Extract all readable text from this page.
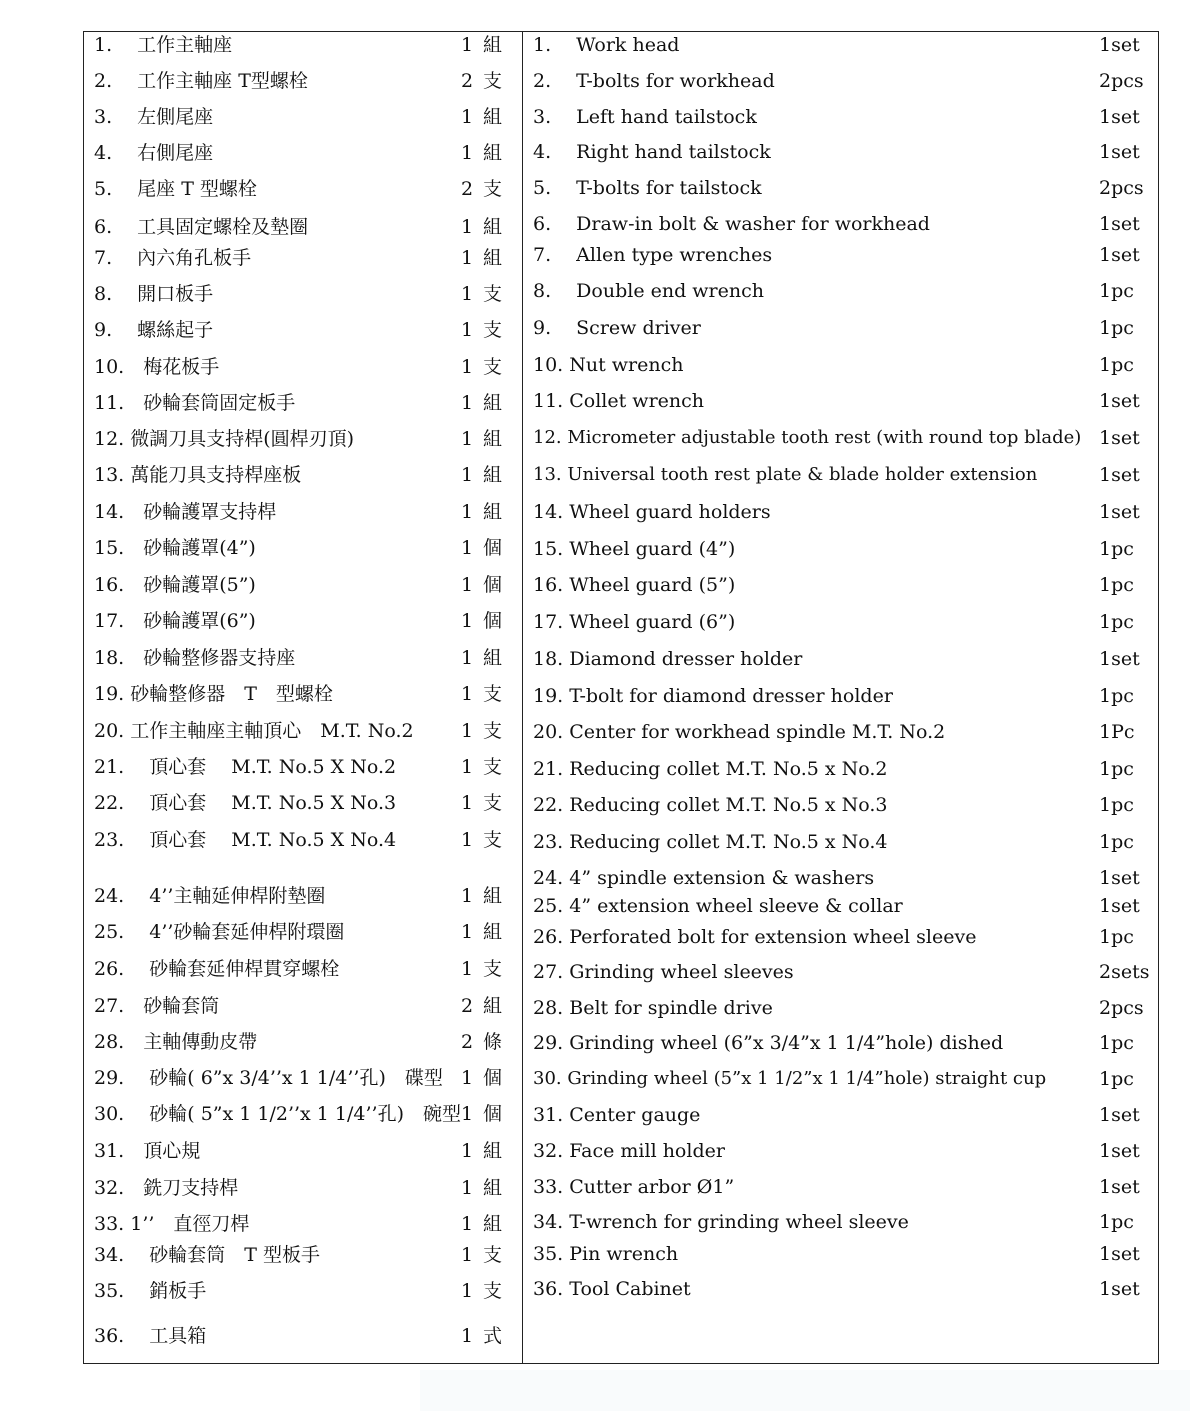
1.　 工作主軸座	1 組
2.　 工作主軸座 T型螺栓	2 支
3.　 左側尾座	1 組
4.　 右側尾座	1 組
5.　 尾座 T 型螺栓	2 支
6.　 工具固定螺栓及墊圈	1 組
7.　 內六角孔板手	1 組
8.　 開口板手	1 支
9.　 螺絲起子	1 支
10.　梅花板手	1 支
11.　砂輪套筒固定板手	1 組
12. 微調刀具支持桿(圓桿刃頂)	1 組
13. 萬能刀具支持桿座板	1 組
14.　砂輪護罩支持桿	1 組
15.　砂輪護罩(4”)	1 個
16.　砂輪護罩(5”)	1 個
17.　砂輪護罩(6”)	1 個
18.　砂輪整修器支持座	1 組
19. 砂輪整修器　T　型螺栓	1 支
20. 工作主軸座主軸頂心　M.T. No.2 1 支
21.　 頂心套　 M.T. No.5 X No.2	1 支
22.　 頂心套　 M.T. No.5 X No.3	1 支
23.　 頂心套　 M.T. No.5 X No.4	1 支
24.　 4’’主軸延伸桿附墊圈	1 組
25.　 4’’砂輪套延伸桿附環圈	1 組
26.　 砂輪套延伸桿貫穿螺栓	1 支
27.　砂輪套筒	2 組
28.　主軸傳動皮帶	2 條
29.　 砂輪( 6”x 3/4’’x 1 1/4’’孔)　碟型 1 個
30.　 砂輪( 5”x 1 1/2’’x 1 1/4’’孔)　碗型 1 個
31.　頂心規	1 組
32.　銑刀支持桿	1 組
33. 1’’　直徑刀桿	1 組
34.　 砂輪套筒　T 型板手	1 支
35.　 銷板手	1 支
36.　 工具箱	1 式
1.　 Work head	1set
2.　 T-bolts for workhead	2pcs
3.　 Left hand tailstock	1set
4.　 Right hand tailstock	1set
5.　 T-bolts for tailstock	2pcs
6.　 Draw-in bolt & washer for workhead	1set
7.　 Allen type wrenches	1set
8.　 Double end wrench	1pc
9.　 Screw driver	1pc
10. Nut wrench	1pc
11. Collet wrench	1set
12. Micrometer adjustable tooth rest (with round top blade) 1set
13. Universal tooth rest plate & blade holder extension	1set
14. Wheel guard holders	1set
15. Wheel guard (4”)	1pc
16. Wheel guard (5”)	1pc
17. Wheel guard (6”)	1pc
18. Diamond dresser holder	1set
19. T-bolt for diamond dresser holder	1pc
20. Center for workhead spindle M.T. No.2	1Pc
21. Reducing collet M.T. No.5 x No.2	1pc
22. Reducing collet M.T. No.5 x No.3	1pc
23. Reducing collet M.T. No.5 x No.4	1pc
24. 4” spindle extension & washers	1set
25. 4” extension wheel sleeve & collar	1set
26. Perforated bolt for extension wheel sleeve	1pc
27. Grinding wheel sleeves	2sets
28. Belt for spindle drive	2pcs
29. Grinding wheel (6”x 3/4”x 1 1/4”hole) dished	1pc
30. Grinding wheel (5”x 1 1/2”x 1 1/4”hole) straight cup	1pc
31. Center gauge	1set
32. Face mill holder	1set
33. Cutter arbor Ø1”	1set
34. T-wrench for grinding wheel sleeve	1pc
35. Pin wrench	1set
36. Tool Cabinet	1set
